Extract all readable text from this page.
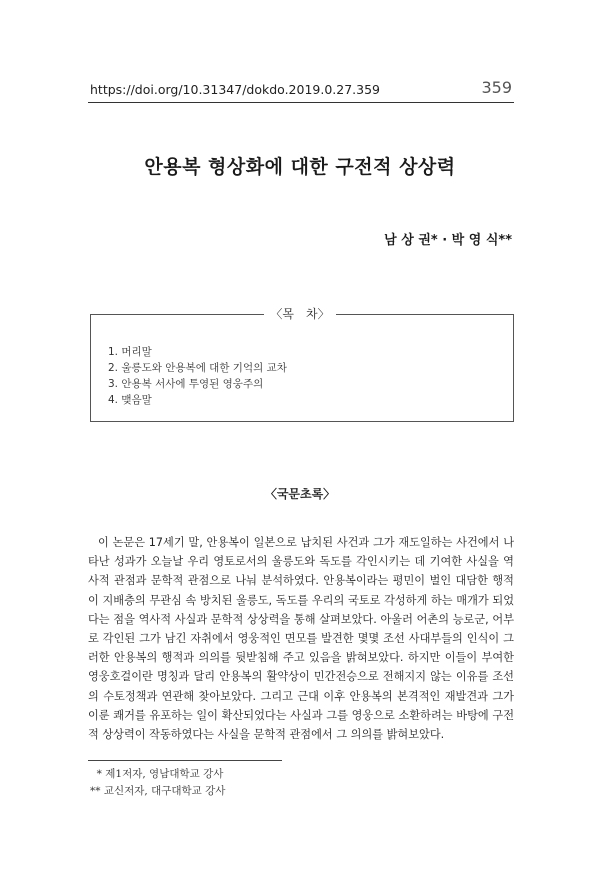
https://doi.org/10.31347/dokdo.2019.0.27.359	359
안용복 형상화에 대한 구전적 상상력
남 상 권* · 박 영 식**
〈목　차〉
1. 머리말
2. 울릉도와 안용복에 대한 기억의 교차
3. 안용복 서사에 투영된 영웅주의
4. 맺음말
〈국문초록〉

이 논문은 17세기 말, 안용복이 일본으로 납치된 사건과 그가 재도일하는 사건에서 나타난 성과가 오늘날 우리 영토로서의 울릉도와 독도를 각인시키는 데 기여한 사실을 역사적 관점과 문학적 관점으로 나눠 분석하였다. 안용복이라는 평민이 벌인 대담한 행적이 지배층의 무관심 속 방치된 울릉도, 독도를 우리의 국토로 각성하게 하는 매개가 되었다는 점을 역사적 사실과 문학적 상상력을 통해 살펴보았다. 아울러 어촌의 능로군, 어부로 각인된 그가 남긴 자취에서 영웅적인 면모를 발견한 몇몇 조선 사대부들의 인식이 그러한 안용복의 행적과 의의를 뒷받침해 주고 있음을 밝혀보았다. 하지만 이들이 부여한 영웅호걸이란 명칭과 달리 안용복의 활약상이 민간전승으로 전해지지 않는 이유를 조선의 수토정책과 연관해 찾아보았다. 그리고 근대 이후 안용복의 본격적인 재발견과 그가 이룬 쾌거를 유포하는 일이 확산되었다는 사실과 그를 영웅으로 소환하려는 바탕에 구전적 상상력이 작동하였다는 사실을 문학적 관점에서 그 의의를 밝혀보았다.

* 제1저자, 영남대학교 강사
** 교신저자, 대구대학교 강사
